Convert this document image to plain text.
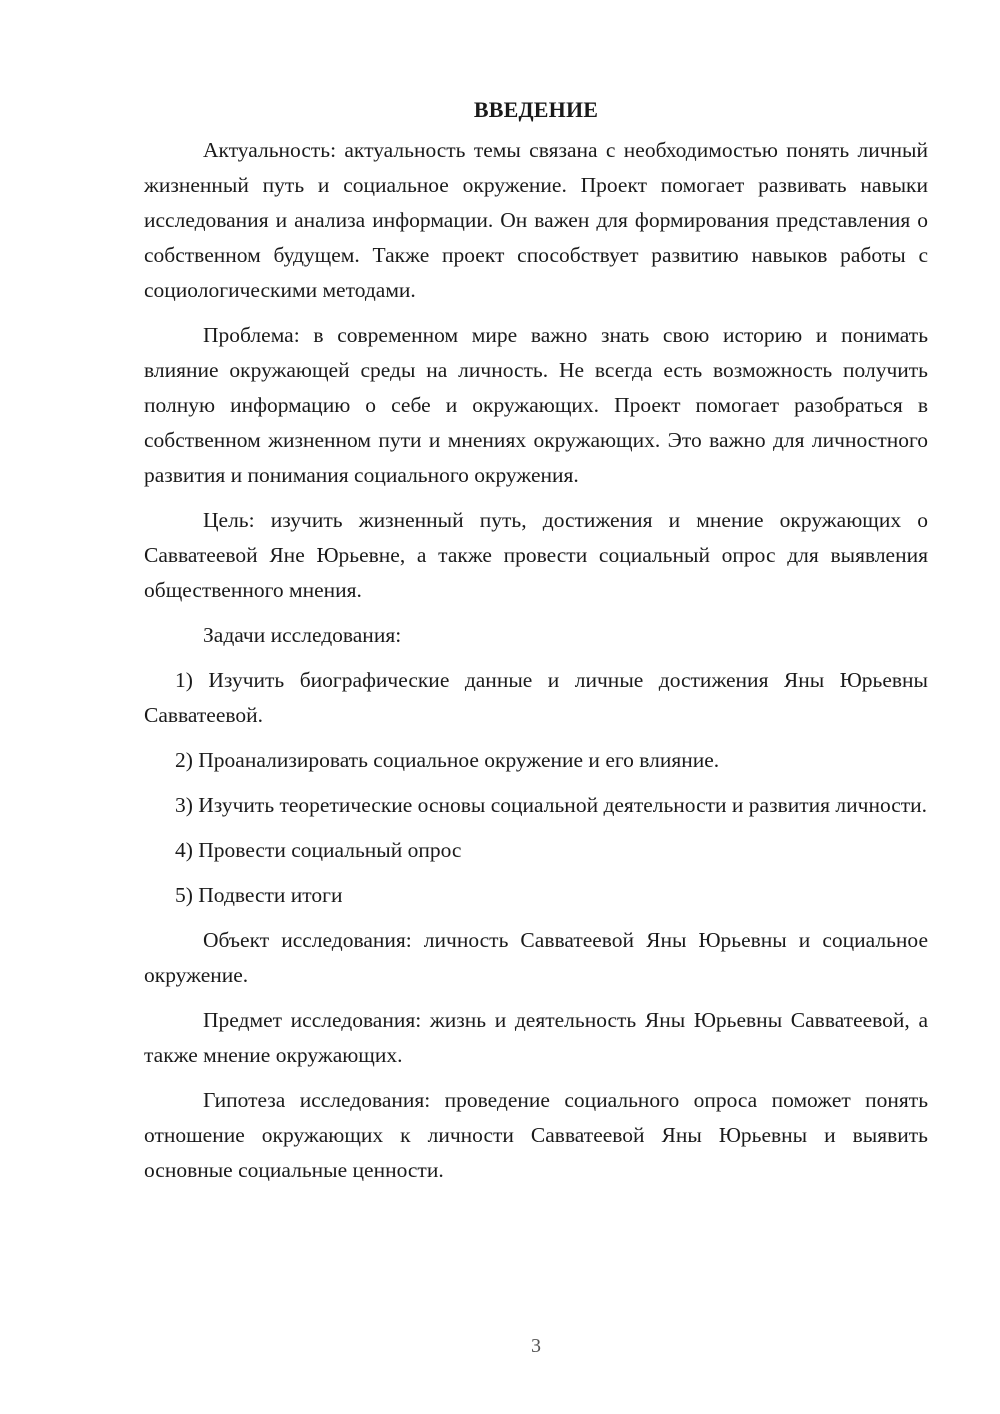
ВВЕДЕНИЕ

Актуальность: актуальность темы связана с необходимостью понять личный жизненный путь и социальное окружение. Проект помогает развивать навыки исследования и анализа информации. Он важен для формирования представления о собственном будущем. Также проект способствует развитию навыков работы с социологическими методами.

Проблема: в современном мире важно знать свою историю и понимать влияние окружающей среды на личность. Не всегда есть возможность получить полную информацию о себе и окружающих. Проект помогает разобраться в собственном жизненном пути и мнениях окружающих. Это важно для личностного развития и понимания социального окружения.

Цель: изучить жизненный путь, достижения и мнение окружающих о Савватеевой Яне Юрьевне, а также провести социальный опрос для выявления общественного мнения.

Задачи исследования:

1) Изучить биографические данные и личные достижения Яны Юрьевны Савватеевой.

2) Проанализировать социальное окружение и его влияние.

3) Изучить теоретические основы социальной деятельности и развития личности.

4) Провести социальный опрос

5) Подвести итоги

Объект исследования: личность Савватеевой Яны Юрьевны и социальное окружение.

Предмет исследования: жизнь и деятельность Яны Юрьевны Савватеевой, а также мнение окружающих.

Гипотеза исследования: проведение социального опроса поможет понять отношение окружающих к личности Савватеевой Яны Юрьевны и выявить основные социальные ценности.

3
